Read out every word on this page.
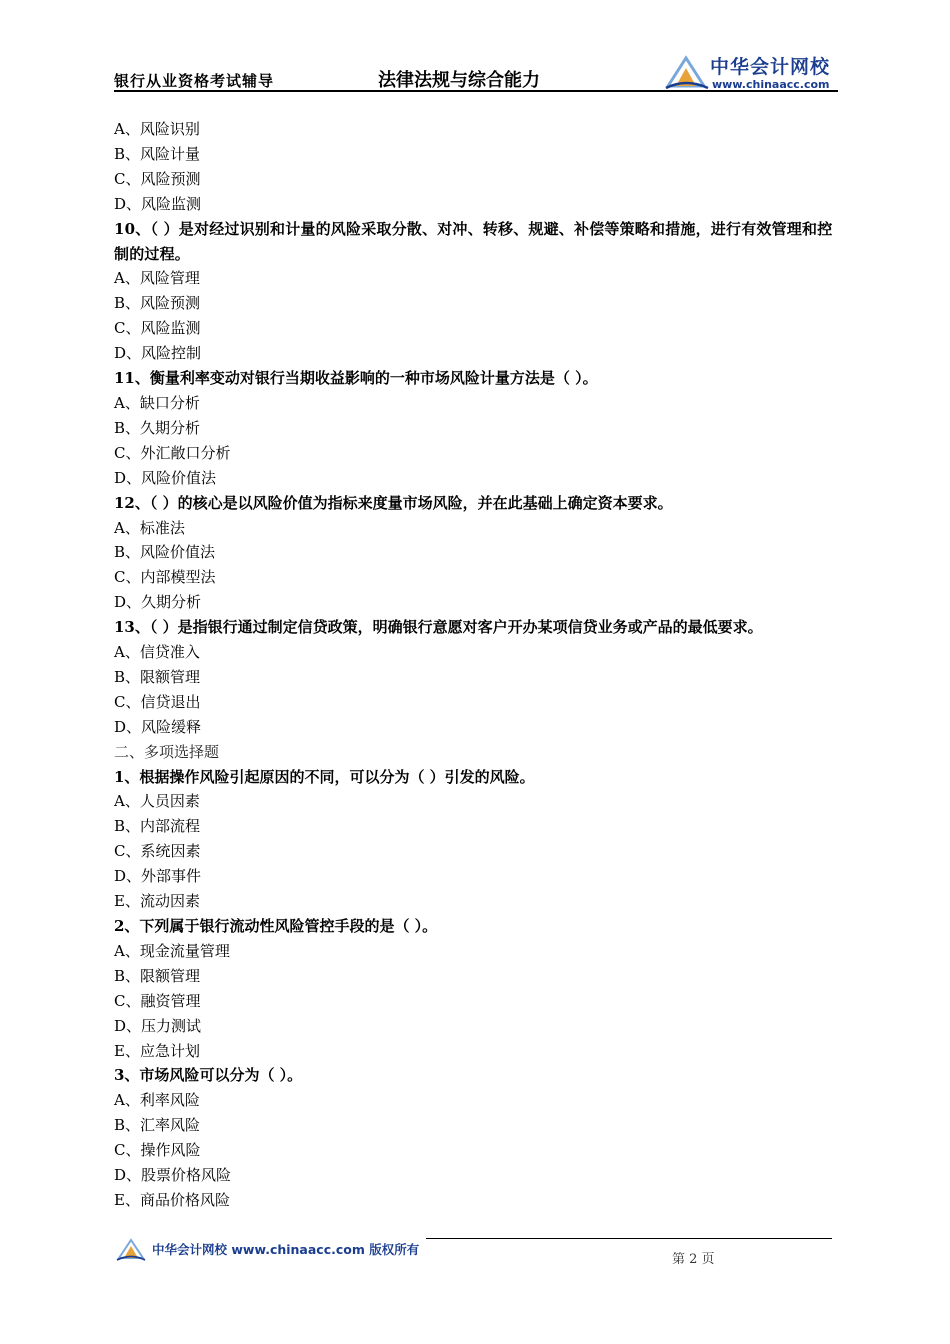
银行从业资格考试辅导	法律法规与综合能力
中华会计网校
www.chinaacc.com
A、风险识别
B、风险计量
C、风险预测
D、风险监测
10、（ ）是对经过识别和计量的风险采取分散、对冲、转移、规避、补偿等策略和措施，进行有效管理和控制的过程。
A、风险管理
B、风险预测
C、风险监测
D、风险控制
11、衡量利率变动对银行当期收益影响的一种市场风险计量方法是（ ）。
A、缺口分析
B、久期分析
C、外汇敞口分析
D、风险价值法
12、（ ）的核心是以风险价值为指标来度量市场风险，并在此基础上确定资本要求。
A、标准法
B、风险价值法
C、内部模型法
D、久期分析
13、（ ）是指银行通过制定信贷政策，明确银行意愿对客户开办某项信贷业务或产品的最低要求。
A、信贷准入
B、限额管理
C、信贷退出
D、风险缓释
二、多项选择题
1、根据操作风险引起原因的不同，可以分为（ ）引发的风险。
A、人员因素
B、内部流程
C、系统因素
D、外部事件
E、流动因素
2、下列属于银行流动性风险管控手段的是（ ）。
A、现金流量管理
B、限额管理
C、融资管理
D、压力测试
E、应急计划
3、市场风险可以分为（ ）。
A、利率风险
B、汇率风险
C、操作风险
D、股票价格风险
E、商品价格风险
中华会计网校 www.chinaacc.com 版权所有
第 2 页
